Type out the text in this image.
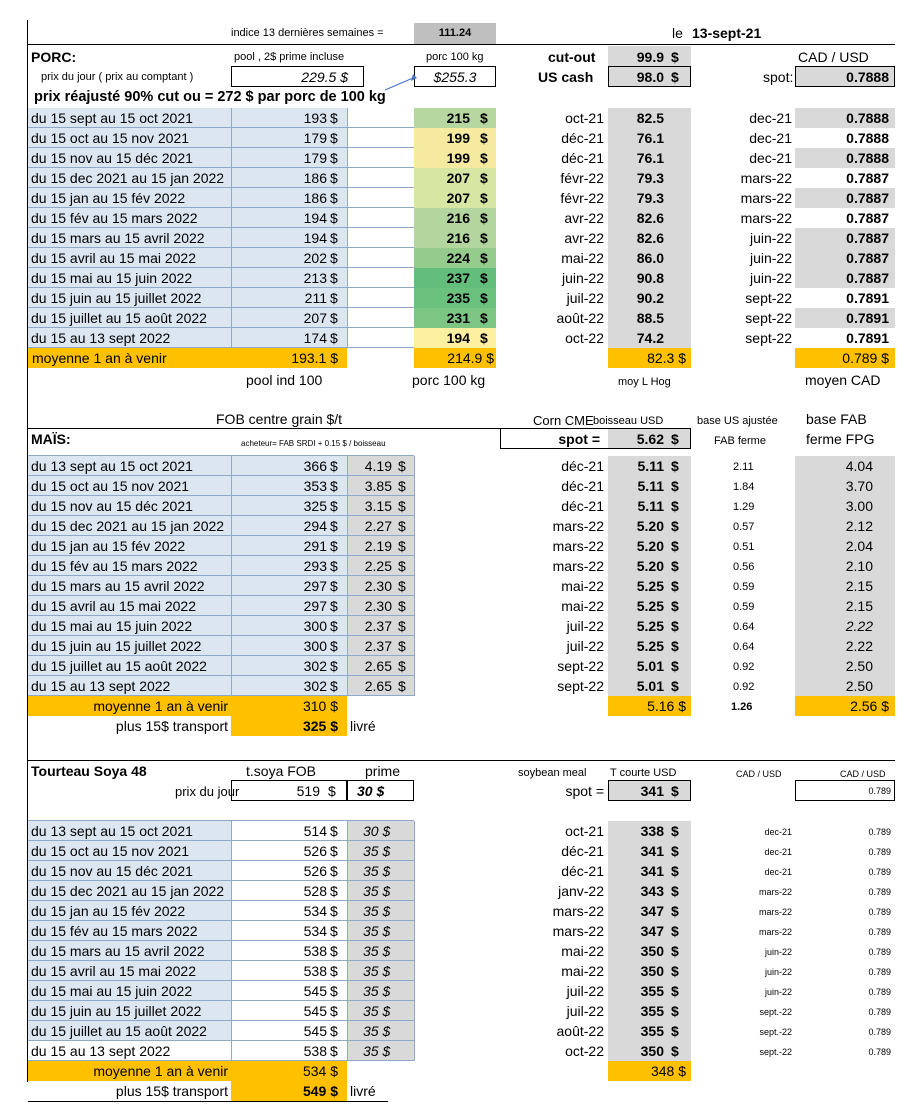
indice 13 dernières semaines =	111.24	le 13-sept-21
PORC:	pool , 2$ prime incluse	porc 100 kg	cut-out	99.9 $	CAD / USD
prix du jour ( prix au comptant )	229.5 $	$255.3	US cash	98.0 $	spot:	0.7888
prix réajusté 90% cut ou = 272 $ par porc de 100 kg
du 15 sept au 15 oct 2021	193 $	215 $	oct-21	82.5	dec-21	0.7888
du 15 oct au 15 nov 2021	179 $	199 $	déc-21	76.1	dec-21	0.7888
du 15 nov au 15 déc 2021	179 $	199 $	déc-21	76.1	dec-21	0.7888
du 15 dec 2021 au 15 jan 2022	186 $	207 $	févr-22	79.3	mars-22	0.7887
du 15 jan au 15 fév 2022	186 $	207 $	févr-22	79.3	mars-22	0.7887
du 15 fév au 15 mars 2022	194 $	216 $	avr-22	82.6	mars-22	0.7887
du 15 mars au 15 avril 2022	194 $	216 $	avr-22	82.6	juin-22	0.7887
du 15 avril au 15 mai 2022	202 $	224 $	mai-22	86.0	juin-22	0.7887
du 15 mai au 15 juin 2022	213 $	237 $	juin-22	90.8	juin-22	0.7887
du 15 juin au 15 juillet 2022	211 $	235 $	juil-22	90.2	sept-22	0.7891
du 15 juillet au 15 août 2022	207 $	231 $	août-22	88.5	sept-22	0.7891
du 15 au 13 sept 2022	174 $	194 $	oct-22	74.2	sept-22	0.7891
moyenne 1 an à venir	193.1 $	214.9 $	82.3 $	0.789 $
pool ind 100	porc 100 kg	moy L Hog	moyen CAD
FOB centre grain $/t	Corn CME boisseau USD	base US ajustée base FAB
MAÏS:	acheteur= FAB SRDI + 0.15 $ / boisseau	spot =	5.62 $	FAB ferme	ferme FPG
du 13 sept au 15 oct 2021	366 $	4.19 $	déc-21	5.11 $	2.11	4.04
du 15 oct au 15 nov 2021	353 $	3.85 $	déc-21	5.11 $	1.84	3.70
du 15 nov au 15 déc 2021	325 $	3.15 $	déc-21	5.11 $	1.29	3.00
du 15 dec 2021 au 15 jan 2022	294 $	2.27 $	mars-22	5.20 $	0.57	2.12
du 15 jan au 15 fév 2022	291 $	2.19 $	mars-22	5.20 $	0.51	2.04
du 15 fév au 15 mars 2022	293 $	2.25 $	mars-22	5.20 $	0.56	2.10
du 15 mars au 15 avril 2022	297 $	2.30 $	mai-22	5.25 $	0.59	2.15
du 15 avril au 15 mai 2022	297 $	2.30 $	mai-22	5.25 $	0.59	2.15
du 15 mai au 15 juin 2022	300 $	2.37 $	juil-22	5.25 $	0.64	2.22
du 15 juin au 15 juillet 2022	300 $	2.37 $	juil-22	5.25 $	0.64	2.22
du 15 juillet au 15 août 2022	302 $	2.65 $	sept-22	5.01 $	0.92	2.50
du 15 au 13 sept 2022	302 $	2.65 $	sept-22	5.01 $	0.92	2.50
moyenne 1 an à venir	310 $	5.16 $	1.26	2.56 $
plus 15$ transport	325 $ livré
Tourteau Soya 48	t.soya FOB	prime	soybean meal T courte USD	CAD / USD	CAD / USD
prix du jour	519 $ 30 $	spot =	341 $	0.789
du 13 sept au 15 oct 2021	514 $ 30 $	oct-21	338 $	dec-21	0.789
du 15 oct au 15 nov 2021	526 $ 35 $	déc-21	341 $	dec-21	0.789
du 15 nov au 15 déc 2021	526 $ 35 $	déc-21	341 $	dec-21	0.789
du 15 dec 2021 au 15 jan 2022	528 $ 35 $	janv-22	343 $	mars-22	0.789
du 15 jan au 15 fév 2022	534 $ 35 $	mars-22	347 $	mars-22	0.789
du 15 fév au 15 mars 2022	534 $ 35 $	mars-22	347 $	mars-22	0.789
du 15 mars au 15 avril 2022	538 $ 35 $	mai-22	350 $	juin-22	0.789
du 15 avril au 15 mai 2022	538 $ 35 $	mai-22	350 $	juin-22	0.789
du 15 mai au 15 juin 2022	545 $ 35 $	juil-22	355 $	juin-22	0.789
du 15 juin au 15 juillet 2022	545 $ 35 $	juil-22	355 $	sept.-22	0.789
du 15 juillet au 15 août 2022	545 $ 35 $	août-22	355 $	sept.-22	0.789
du 15 au 13 sept 2022	538 $ 35 $	oct-22	350 $	sept.-22	0.789
moyenne 1 an à venir	534 $	348 $
plus 15$ transport	549 $ livré
